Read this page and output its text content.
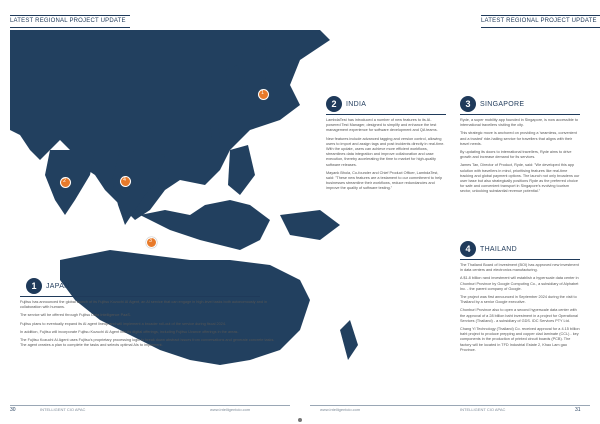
LATEST REGIONAL PROJECT UPDATE	LATEST REGIONAL PROJECT UPDATE
1
2
3
4
1	JAPAN

Fujitsu has announced the global launch of its Fujitsu Kozuchi AI Agent, an AI service that can engage in high-level tasks both autonomously and in collaboration with humans.

The service will be offered through Fujitsu Data Intelligence PaaS.

Fujitsu plans to eventually expand its AI agent lineup and will implement a broader roll-out of the service during fiscal 2024.

In addition, Fujitsu will incorporate Fujitsu Kozuchi AI Agent into its digital offerings, including Fujitsu Uvance offerings in the areas.

The Fujitsu Kozuchi AI Agent uses Fujitsu's proprietary processing logic to break down abstract issues from conversations and generate concrete tasks. The agent creates a plan to complete the tasks and selects optimal AIs to implement.

2	INDIA

LambdaTest has introduced a number of new features to its AI-powered Test Manager, designed to simplify and enhance the test management experience for software development and QA teams.

New features include advanced tagging and version control, allowing users to import and assign tags and post incidents directly in real-time. With the update, users can achieve more efficient workflows, streamlines data integration and improve collaboration and case execution, thereby accelerating the time to market for high-quality software releases.

Mayank Bhola, Co-founder and Chief Product Officer, LambdaTest, said: "These new features are a testament to our commitment to help businesses streamline their workflows, reduce redundancies and improve the quality of software testing."

3	SINGAPORE

Ryde, a super mobility app founded in Singapore, is now accessible to international travellers visiting the city.

This strategic move is anchored on providing a 'seamless, convenient and a trusted' ride-hailing service for travellers that aligns with their travel needs.

By updating its doors to international travellers, Ryde aims to drive growth and increase demand for its services.

James Tan, Director of Product, Ryde, said: "We developed this app solution with travellers in mind, prioritising features like real-time tracking and global payment options. The launch not only broadens our user base but also strategically positions Ryde as the preferred choice for safe and convenient transport in Singapore's evolving tourism sector, unlocking substantial revenue potential."

4	THAILAND

The Thailand Board of Investment (BOI) has approved new investment in data centers and electronics manufacturing.

A $1.8 billion rand investment will establish a hyperscale data center in Chonburi Province by Google Computing Co., a subsidiary of Alphabet Inc. - the parent company of Google.

The project was first announced in September 2024 during the visit to Thailand by a senior Google executive.

Chonburi Province also to open a second hyperscale data center with the approval of a 28 billion baht investment in a project for Operational Services (Thailand) - a subsidiary of GDS. IDC Services PTY Ltd.

Chang Yi Technology (Thailand) Co. received approval for a 4.15 billion baht project to produce prepping and copper clad laminate (CCL) - key components in the production of printed circuit boards (PCB). The factory will be located in TFD Industrial Estate 2, Khao Lam gao Province.

30	INTELLIGENT CIO APAC	www.intelligentcio.com	www.intelligentcio.com	INTELLIGENT CIO APAC	31
